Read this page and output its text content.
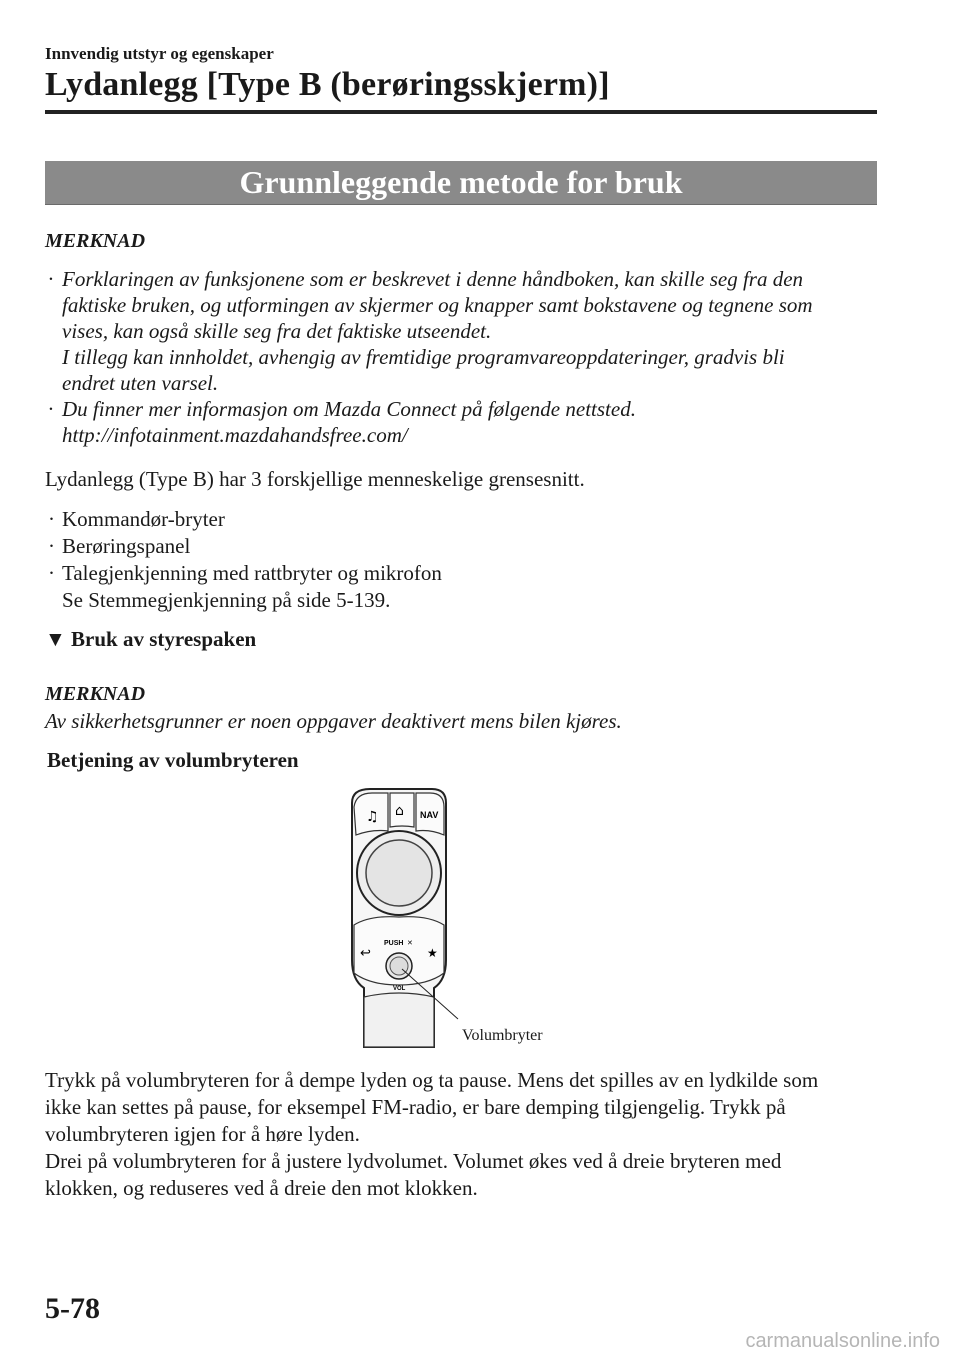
Innvendig utstyr og egenskaper
Lydanlegg [Type B (berøringsskjerm)]
Grunnleggende metode for bruk
MERKNAD
· Forklaringen av funksjonene som er beskrevet i denne håndboken, kan skille seg fra den
faktiske bruken, og utformingen av skjermer og knapper samt bokstavene og tegnene som
vises, kan også skille seg fra det faktiske utseendet.
I tillegg kan innholdet, avhengig av fremtidige programvareoppdateringer, gradvis bli
endret uten varsel.
· Du finner mer informasjon om Mazda Connect på følgende nettsted.
http://infotainment.mazdahandsfree.com/
Lydanlegg (Type B) har 3 forskjellige menneskelige grensesnitt.
· Kommandør-bryter
· Berøringspanel
· Talegjenkjenning med rattbryter og mikrofon
Se Stemmegjenkjenning på side 5-139.
▼ Bruk av styrespaken
MERKNAD
Av sikkerhetsgrunner er noen oppgaver deaktivert mens bilen kjøres.
Betjening av volumbryteren
♫ ⌂ NAV
↩	★
PUSH ✕
VOL
Volumbryter
Trykk på volumbryteren for å dempe lyden og ta pause. Mens det spilles av en lydkilde som
ikke kan settes på pause, for eksempel FM-radio, er bare demping tilgjengelig. Trykk på
volumbryteren igjen for å høre lyden.
Drei på volumbryteren for å justere lydvolumet. Volumet økes ved å dreie bryteren med
klokken, og reduseres ved å dreie den mot klokken.
5-78
carmanualsonline.info
